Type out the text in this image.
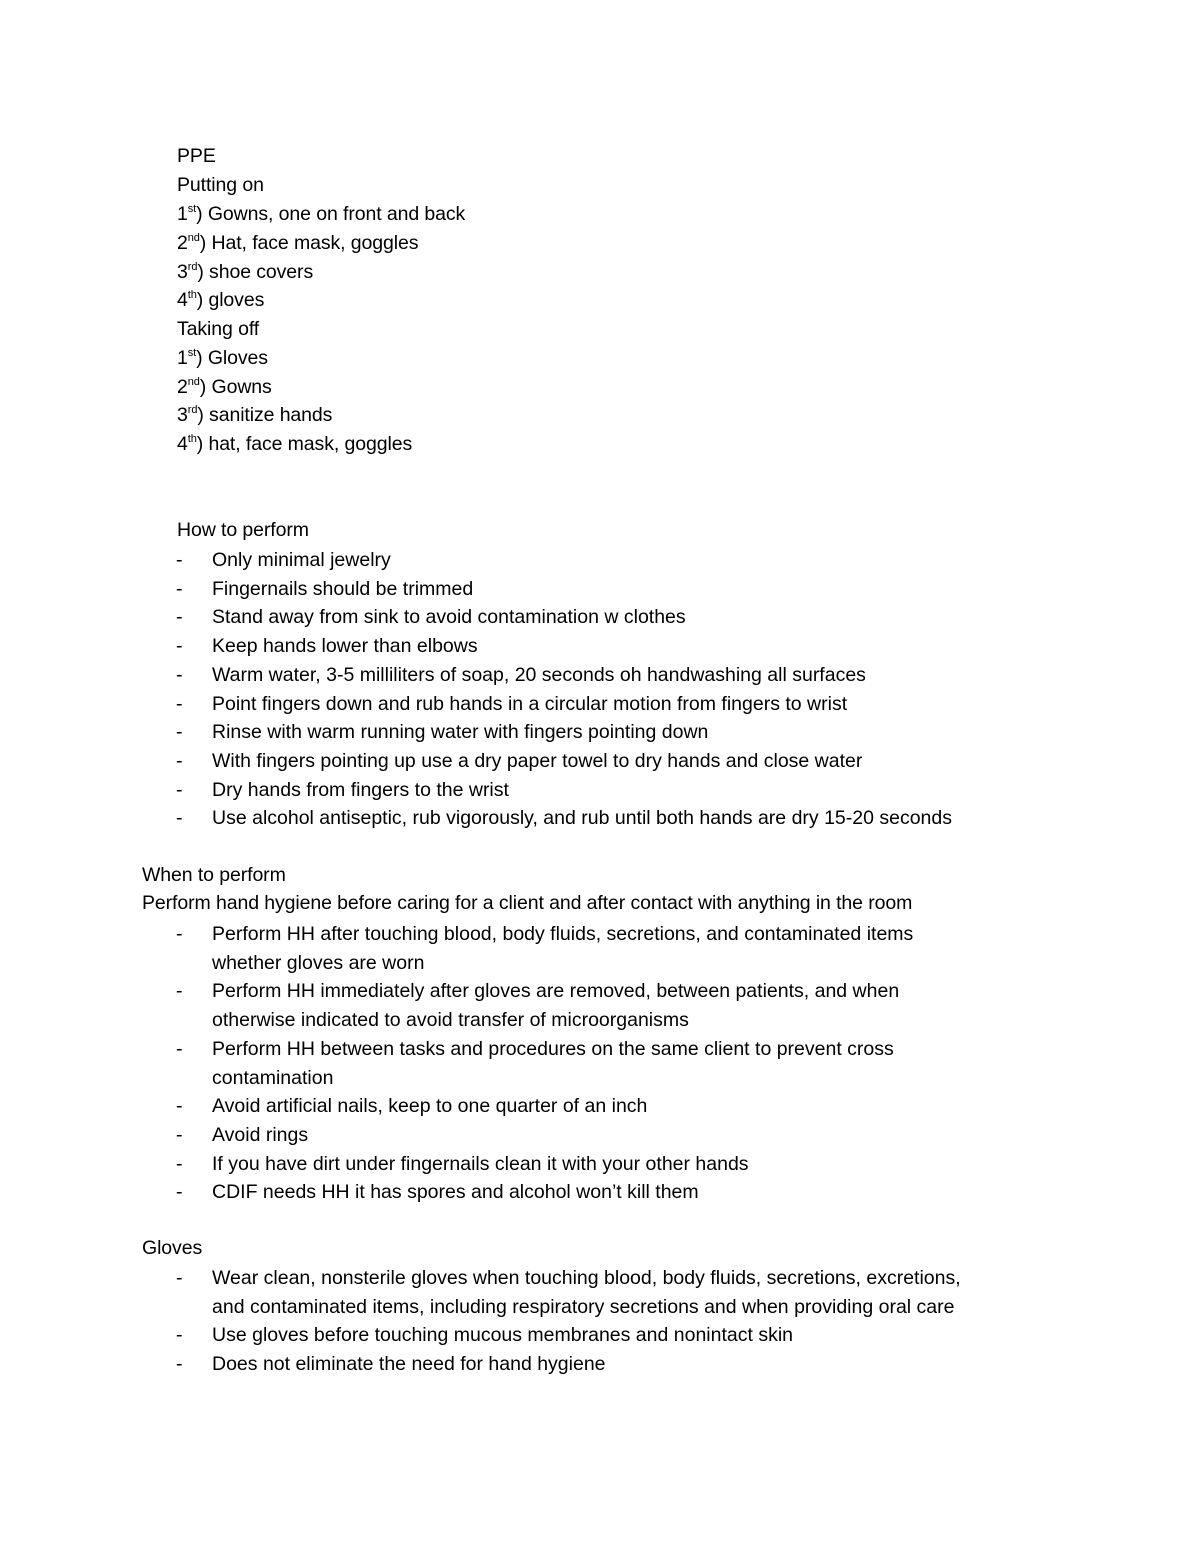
PPE
Putting on
1st) Gowns, one on front and back
2nd) Hat, face mask, goggles
3rd) shoe covers
4th) gloves
Taking off
1st) Gloves
2nd) Gowns
3rd) sanitize hands
4th) hat, face mask, goggles
How to perform
- Only minimal jewelry
- Fingernails should be trimmed
- Stand away from sink to avoid contamination w clothes
- Keep hands lower than elbows
- Warm water, 3-5 milliliters of soap, 20 seconds oh handwashing all surfaces
- Point fingers down and rub hands in a circular motion from fingers to wrist
- Rinse with warm running water with fingers pointing down
- With fingers pointing up use a dry paper towel to dry hands and close water
- Dry hands from fingers to the wrist
- Use alcohol antiseptic, rub vigorously, and rub until both hands are dry 15-20 seconds
When to perform
Perform hand hygiene before caring for a client and after contact with anything in the room
- Perform HH after touching blood, body fluids, secretions, and contaminated items
whether gloves are worn
- Perform HH immediately after gloves are removed, between patients, and when
otherwise indicated to avoid transfer of microorganisms
- Perform HH between tasks and procedures on the same client to prevent cross
contamination
- Avoid artificial nails, keep to one quarter of an inch
- Avoid rings
- If you have dirt under fingernails clean it with your other hands
- CDIF needs HH it has spores and alcohol won’t kill them
Gloves
- Wear clean, nonsterile gloves when touching blood, body fluids, secretions, excretions,
and contaminated items, including respiratory secretions and when providing oral care
- Use gloves before touching mucous membranes and nonintact skin
- Does not eliminate the need for hand hygiene
